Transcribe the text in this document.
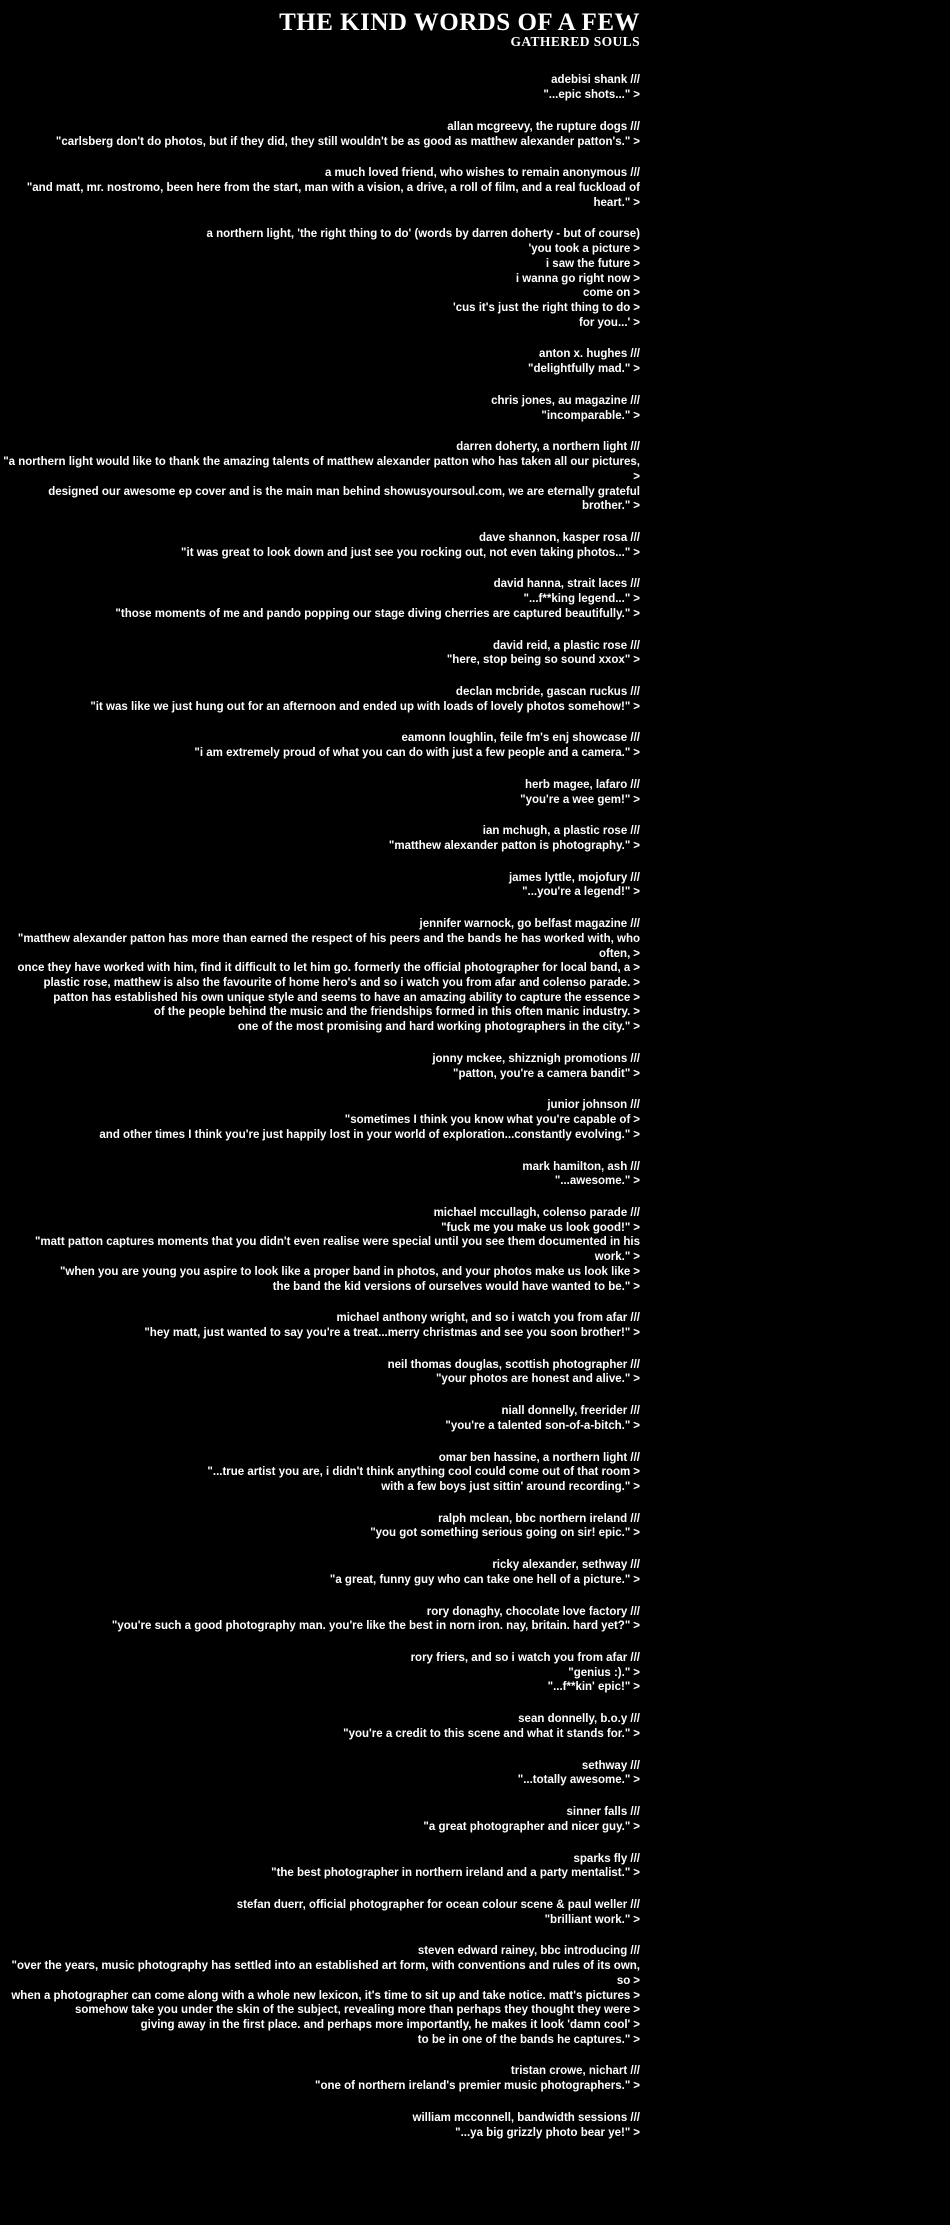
THE KIND WORDS OF A FEW
GATHERED SOULS
adebisi shank ///
"...epic shots..." >
allan mcgreevy, the rupture dogs ///
"carlsberg don't do photos, but if they did, they still wouldn't be as good as matthew alexander patton's." >
a much loved friend, who wishes to remain anonymous ///
"and matt, mr. nostromo, been here from the start, man with a vision, a drive, a roll of film, and a real fuckload of heart." >
a northern light, 'the right thing to do' (words by darren doherty - but of course)
'you took a picture >
i saw the future >
i wanna go right now >
come on >
'cus it's just the right thing to do >
for you...' >
anton x. hughes ///
"delightfully mad." >
chris jones, au magazine ///
"incomparable." >
darren doherty, a northern light ///
"a northern light would like to thank the amazing talents of matthew alexander patton who has taken all our pictures,>
designed our awesome ep cover and is the main man behind showusyoursoul.com, we are eternally grateful brother." >
dave shannon, kasper rosa ///
"it was great to look down and just see you rocking out, not even taking photos..." >
david hanna, strait laces ///
"...f**king legend..." >
"those moments of me and pando popping our stage diving cherries are captured beautifully." >
david reid, a plastic rose ///
"here, stop being so sound xxox" >
declan mcbride, gascan ruckus ///
"it was like we just hung out for an afternoon and ended up with loads of lovely photos somehow!" >
eamonn loughlin, feile fm's enj showcase ///
"i am extremely proud of what you can do with just a few people and a camera." >
herb magee, lafaro ///
"you're a wee gem!" >
ian mchugh, a plastic rose ///
"matthew alexander patton is photography." >
james lyttle, mojofury ///
"...you're a legend!" >
jennifer warnock, go belfast magazine ///
"matthew alexander patton has more than earned the respect of his peers and the bands he has worked with, who often, >
once they have worked with him, find it difficult to let him go. formerly the official photographer for local band, a >
plastic rose, matthew is also the favourite of home hero's and so i watch you from afar and colenso parade. >
patton has established his own unique style and seems to have an amazing ability to capture the essence >
of the people behind the music and the friendships formed in this often manic industry. >
one of the most promising and hard working photographers in the city." >
jonny mckee, shizznigh promotions ///
"patton, you're a camera bandit" >
junior johnson ///
"sometimes I think you know what you're capable of >
and other times I think you're just happily lost in your world of exploration...constantly evolving." >
mark hamilton, ash ///
"...awesome." >
michael mccullagh, colenso parade ///
"fuck me you make us look good!" >
"matt patton captures moments that you didn't even realise were special until you see them documented in his work." >
"when you are young you aspire to look like a proper band in photos, and your photos make us look like >
the band the kid versions of ourselves would have wanted to be." >
michael anthony wright, and so i watch you from afar ///
"hey matt, just wanted to say you're a treat...merry christmas and see you soon brother!" >
neil thomas douglas, scottish photographer ///
"your photos are honest and alive." >
niall donnelly, freerider ///
"you're a talented son-of-a-bitch." >
omar ben hassine, a northern light ///
"...true artist you are, i didn't think anything cool could come out of that room >
with a few boys just sittin' around recording." >
ralph mclean, bbc northern ireland ///
"you got something serious going on sir! epic." >
ricky alexander, sethway ///
"a great, funny guy who can take one hell of a picture." >
rory donaghy, chocolate love factory ///
"you're such a good photography man. you're like the best in norn iron. nay, britain. hard yet?" >
rory friers, and so i watch you from afar ///
"genius :)." >
"...f**kin' epic!" >
sean donnelly, b.o.y ///
"you're a credit to this scene and what it stands for." >
sethway ///
"...totally awesome." >
sinner falls ///
"a great photographer and nicer guy." >
sparks fly ///
"the best photographer in northern ireland and a party mentalist." >
stefan duerr, official photographer for ocean colour scene & paul weller ///
"brilliant work." >
steven edward rainey, bbc introducing ///
"over the years, music photography has settled into an established art form, with conventions and rules of its own, so >
when a photographer can come along with a whole new lexicon, it's time to sit up and take notice. matt's pictures >
somehow take you under the skin of the subject, revealing more than perhaps they thought they were >
giving away in the first place. and perhaps more importantly, he makes it look 'damn cool' >
to be in one of the bands he captures." >
tristan crowe, nichart ///
"one of northern ireland's premier music photographers." >
william mcconnell, bandwidth sessions ///
"...ya big grizzly photo bear ye!" >
